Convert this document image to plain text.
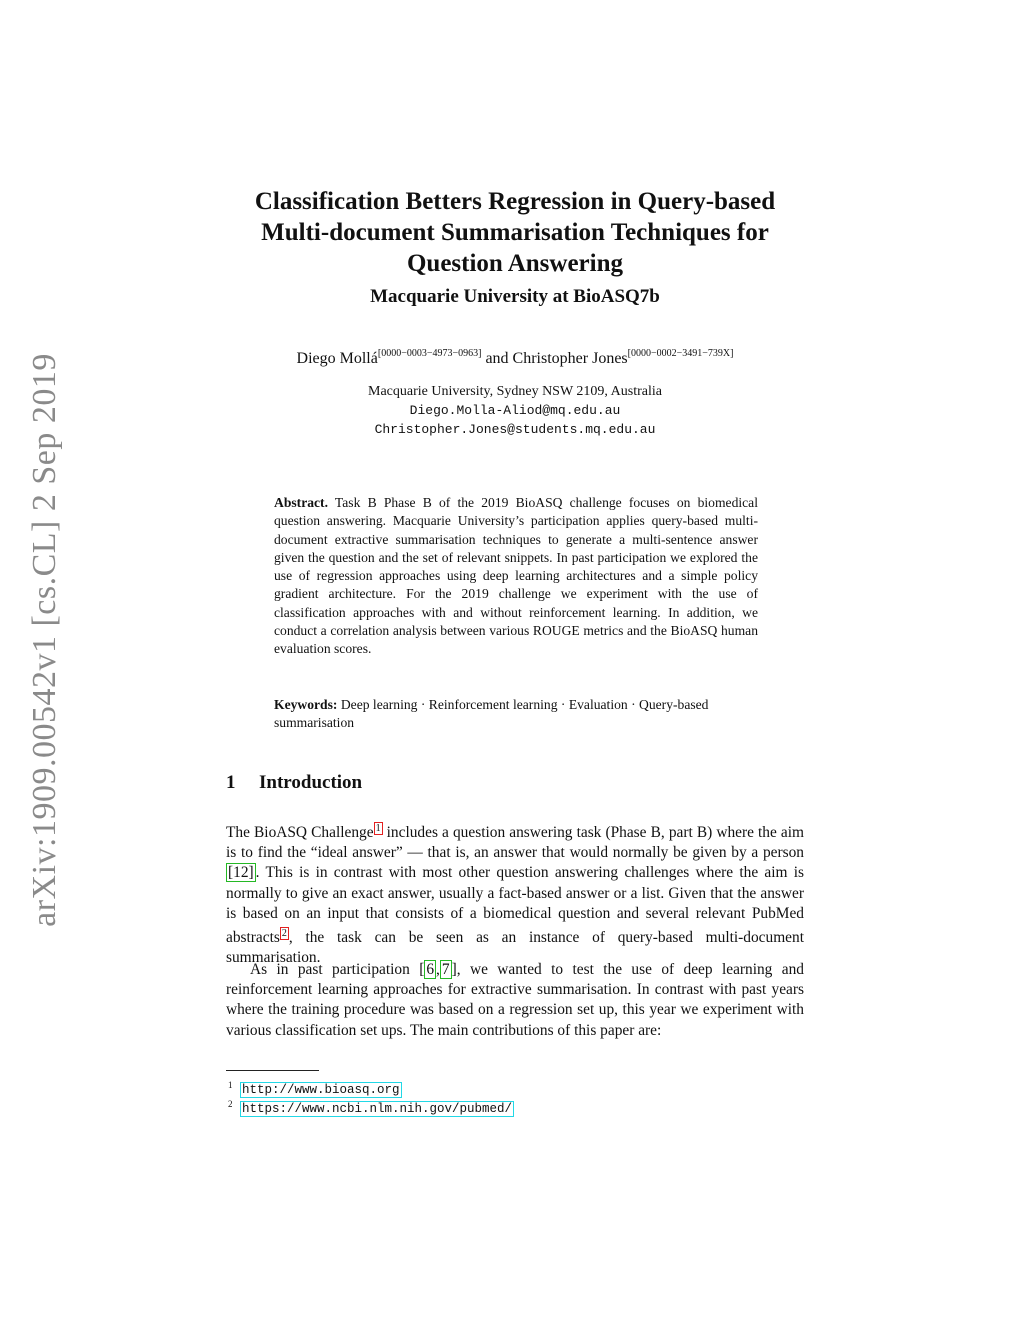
arXiv:1909.00542v1 [cs.CL] 2 Sep 2019
Classification Betters Regression in Query-based
Multi-document Summarisation Techniques for
Question Answering
Macquarie University at BioASQ7b
Diego Mollá[0000−0003−4973−0963] and Christopher Jones[0000−0002−3491−739X]
Macquarie University, Sydney NSW 2109, Australia
Diego.Molla-Aliod@mq.edu.au
Christopher.Jones@students.mq.edu.au
Abstract. Task B Phase B of the 2019 BioASQ challenge focuses on biomedical question answering. Macquarie University’s participation applies query-based multi-document extractive summarisation techniques to generate a multi-sentence answer given the question and the set of relevant snippets. In past participation we explored the use of regression approaches using deep learning architectures and a simple policy gradient architecture. For the 2019 challenge we experiment with the use of classification approaches with and without reinforcement learning. In addition, we conduct a correlation analysis between various ROUGE metrics and the BioASQ human evaluation scores.
Keywords: Deep learning · Reinforcement learning · Evaluation · Query-based summarisation
1 Introduction
The BioASQ Challenge $^1$ includes a question answering task (Phase B, part B) where the aim is to find the “ideal answer” — that is, an answer that would normally be given by a person [12] . This is in contrast with most other question answering challenges where the aim is normally to give an exact answer, usually a fact-based answer or a list. Given that the answer is based on an input that consists of a biomedical question and several relevant PubMed abstracts $^2$ , the task can be seen as an instance of query-based multi-document summarisation.
As in past participation [ 6 , 7 ], we wanted to test the use of deep learning and reinforcement learning approaches for extractive summarisation. In contrast with past years where the training procedure was based on a regression set up, this year we experiment with various classification set ups. The main contributions of this paper are:
1 http://www.bioasq.org
2 https://www.ncbi.nlm.nih.gov/pubmed/
